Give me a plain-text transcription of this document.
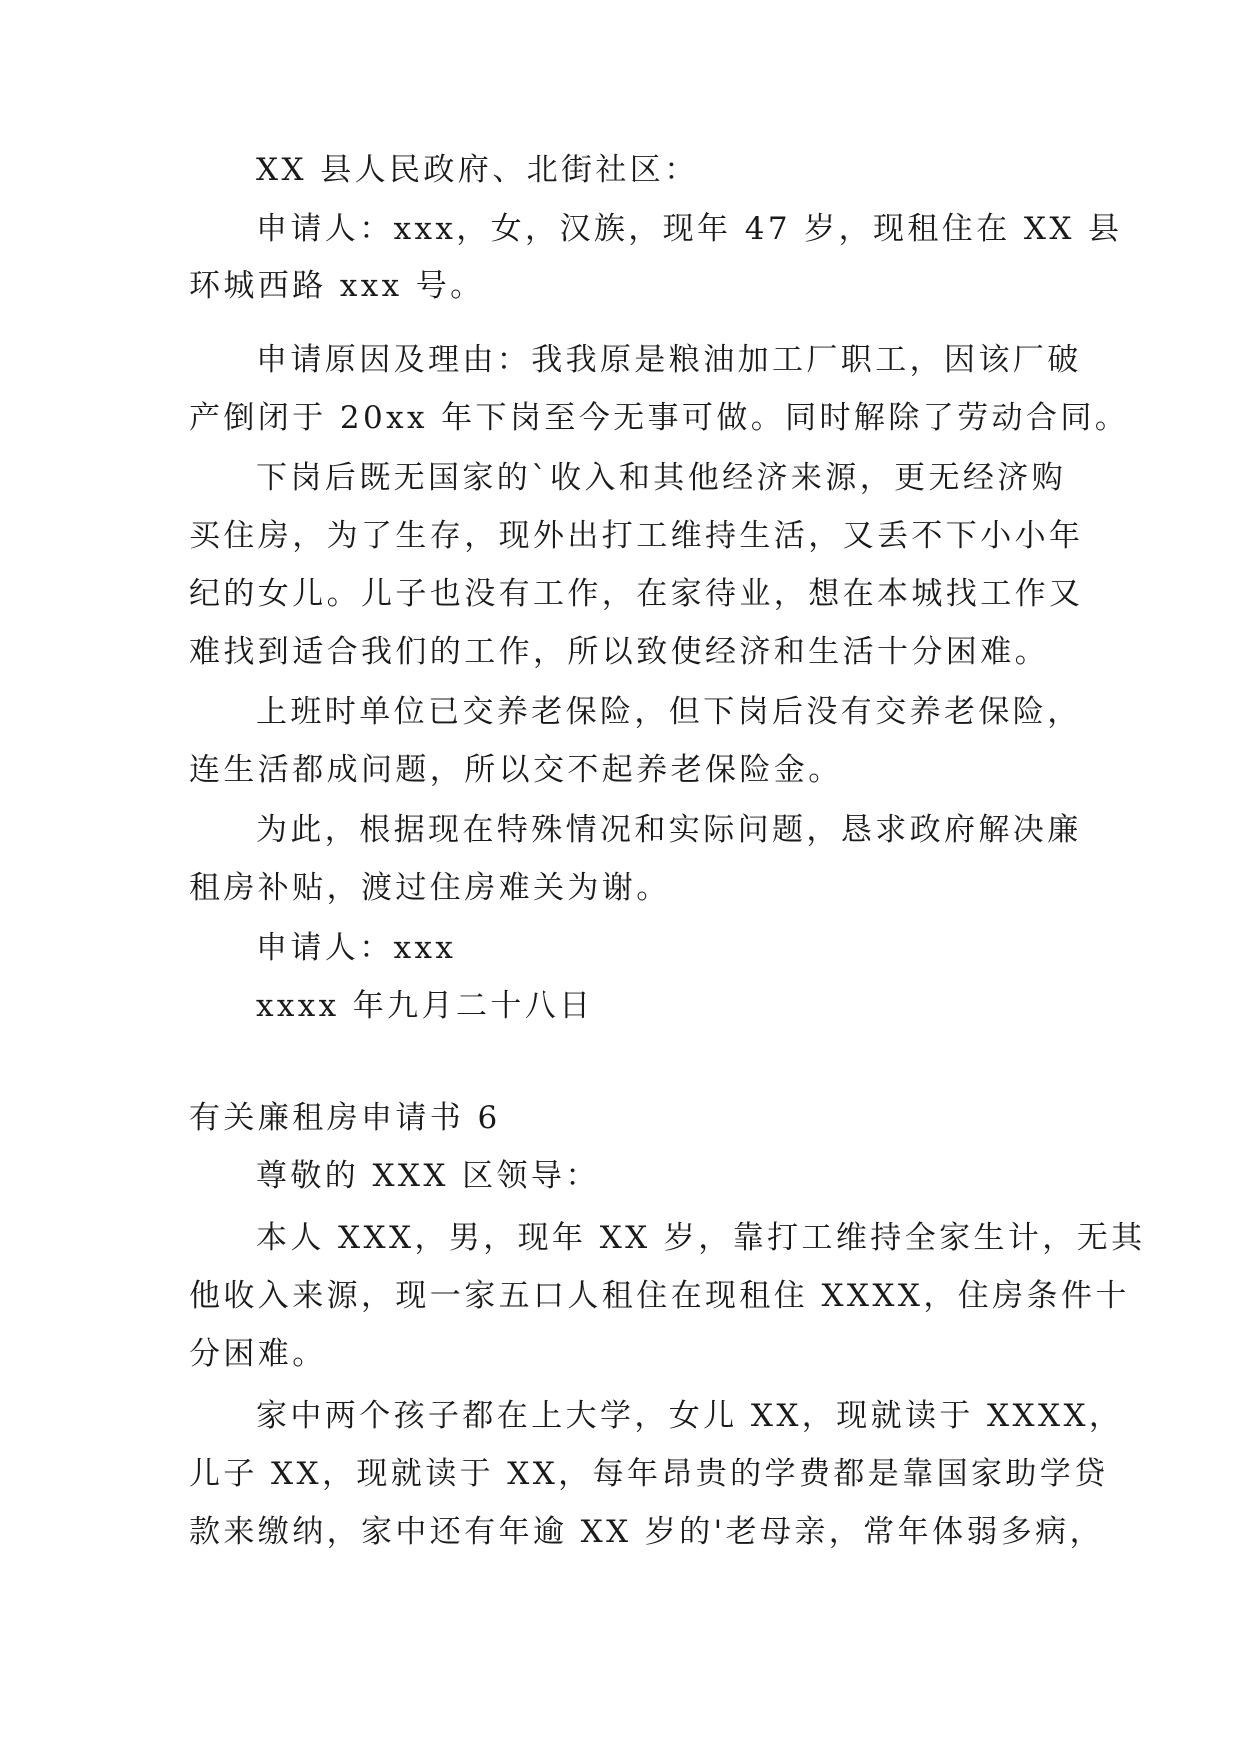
XX 县人民政府、北街社区：
申请人：xxx，女，汉族，现年 47 岁，现租住在 XX 县
环城西路 xxx 号。
申请原因及理由：我我原是粮油加工厂职工，因该厂破
产倒闭于 20xx 年下岗至今无事可做。同时解除了劳动合同。
下岗后既无国家的`收入和其他经济来源，更无经济购
买住房，为了生存，现外出打工维持生活，又丢不下小小年
纪的女儿。儿子也没有工作，在家待业，想在本城找工作又
难找到适合我们的工作，所以致使经济和生活十分困难。
上班时单位已交养老保险，但下岗后没有交养老保险，
连生活都成问题，所以交不起养老保险金。
为此，根据现在特殊情况和实际问题，恳求政府解决廉
租房补贴，渡过住房难关为谢。
申请人：xxx
xxxx 年九月二十八日
有关廉租房申请书 6
尊敬的 XXX 区领导：
本人 XXX，男，现年 XX 岁，靠打工维持全家生计，无其
他收入来源，现一家五口人租住在现租住 XXXX，住房条件十
分困难。
家中两个孩子都在上大学，女儿 XX，现就读于 XXXX，
儿子 XX，现就读于 XX，每年昂贵的学费都是靠国家助学贷
款来缴纳，家中还有年逾 XX 岁的'老母亲，常年体弱多病，
